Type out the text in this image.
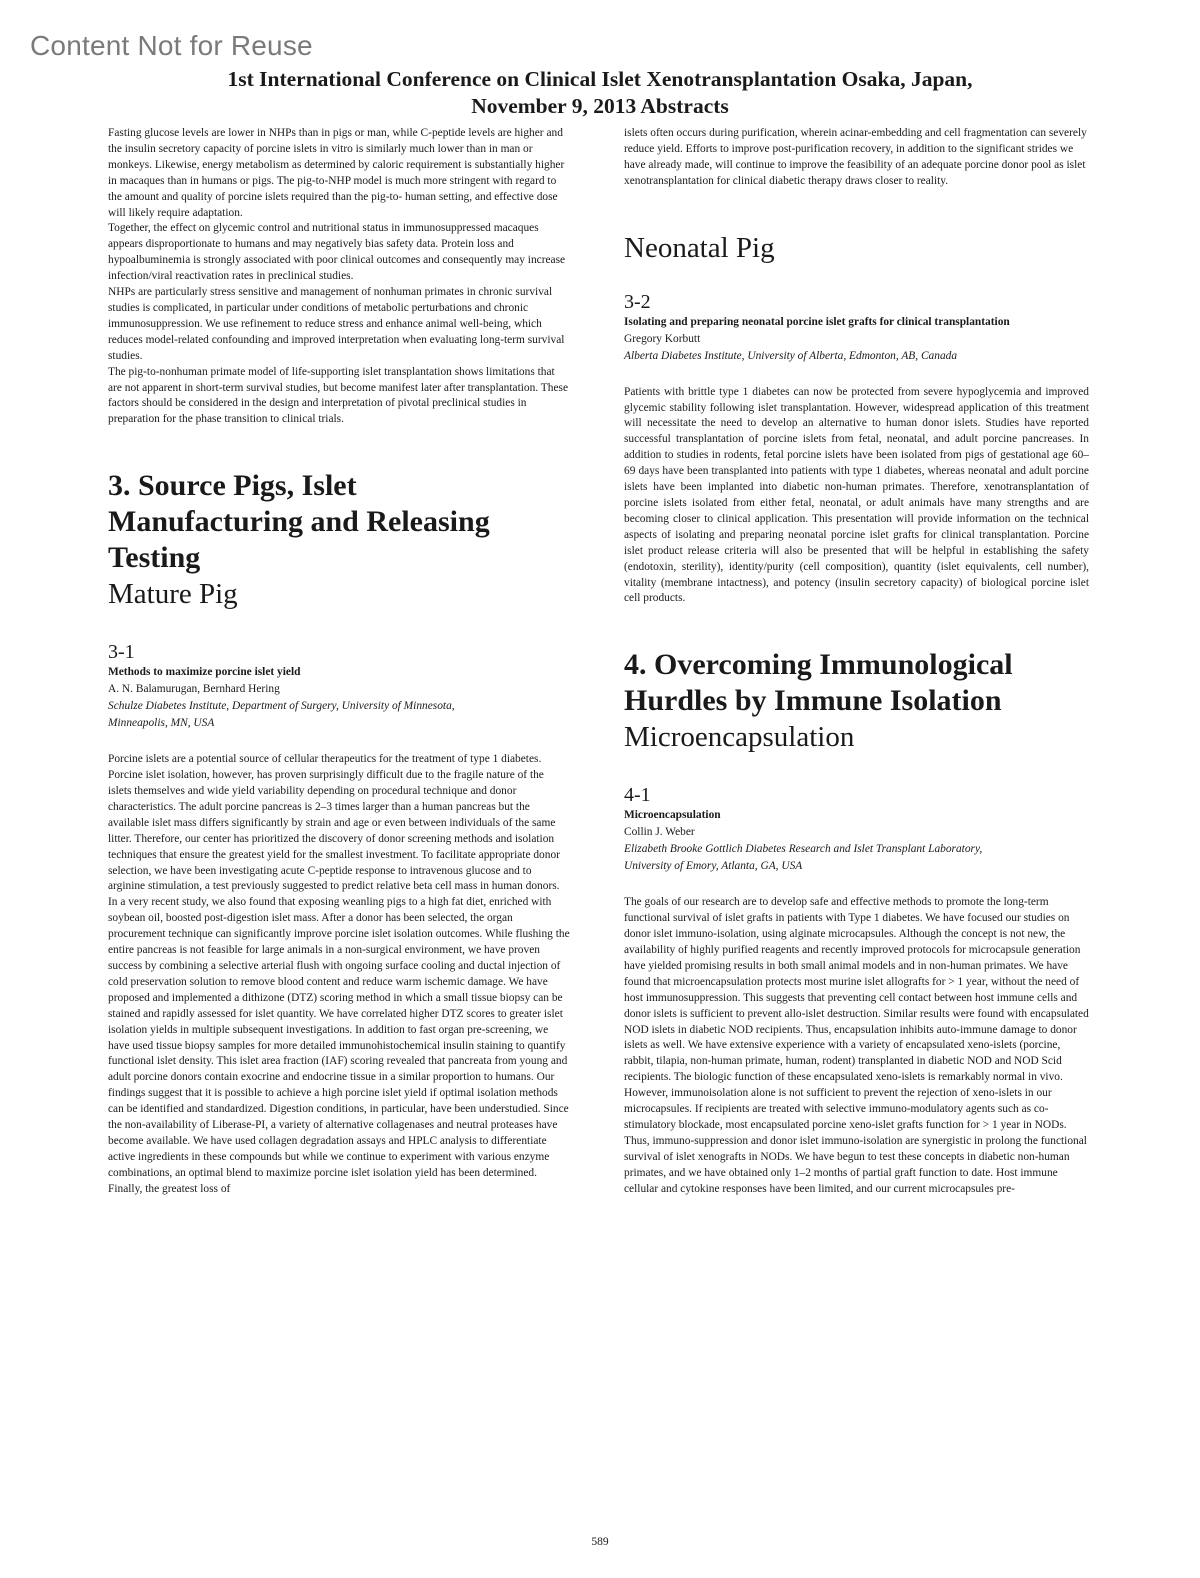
Content Not for Reuse
1st International Conference on Clinical Islet Xenotransplantation Osaka, Japan,
November 9, 2013 Abstracts

Fasting glucose levels are lower in NHPs than in pigs or man, while C-peptide levels are higher and the insulin secretory capacity of porcine islets in vitro is similarly much lower than in man or monkeys. Likewise, energy metabolism as determined by caloric requirement is substantially higher in macaques than in humans or pigs. The pig-to-NHP model is much more stringent with regard to the amount and quality of porcine islets required than the pig-to- human setting, and effective dose will likely require adaptation.

Together, the effect on glycemic control and nutritional status in immunosuppressed macaques appears disproportionate to humans and may negatively bias safety data. Protein loss and hypoalbuminemia is strongly associated with poor clinical outcomes and consequently may increase infection/viral reactivation rates in preclinical studies.

NHPs are particularly stress sensitive and management of nonhuman primates in chronic survival studies is complicated, in particular under conditions of metabolic perturbations and chronic immunosuppression. We use refinement to reduce stress and enhance animal well-being, which reduces model-related confounding and improved interpretation when evaluating long-term survival studies.

The pig-to-nonhuman primate model of life-supporting islet transplantation shows limitations that are not apparent in short-term survival studies, but become manifest later after transplantation. These factors should be considered in the design and interpretation of pivotal preclinical studies in preparation for the phase transition to clinical trials.

3. Source Pigs, Islet
Manufacturing and Releasing
Testing
Mature Pig

3-1

Methods to maximize porcine islet yield

A. N. Balamurugan, Bernhard Hering

Schulze Diabetes Institute, Department of Surgery, University of Minnesota,

Minneapolis, MN, USA

Porcine islets are a potential source of cellular therapeutics for the treatment of type 1 diabetes. Porcine islet isolation, however, has proven surprisingly difficult due to the fragile nature of the islets themselves and wide yield variability depending on procedural technique and donor characteristics. The adult porcine pancreas is 2–3 times larger than a human pancreas but the available islet mass differs significantly by strain and age or even between individuals of the same litter. Therefore, our center has prioritized the discovery of donor screening methods and isolation techniques that ensure the greatest yield for the smallest investment. To facilitate appropriate donor selection, we have been investigating acute C-peptide response to intravenous glucose and to arginine stimulation, a test previously suggested to predict relative beta cell mass in human donors. In a very recent study, we also found that exposing weanling pigs to a high fat diet, enriched with soybean oil, boosted post-digestion islet mass. After a donor has been selected, the organ procurement technique can significantly improve porcine islet isolation outcomes. While flushing the entire pancreas is not feasible for large animals in a non-surgical environment, we have proven success by combining a selective arterial flush with ongoing surface cooling and ductal injection of cold preservation solution to remove blood content and reduce warm ischemic damage. We have proposed and implemented a dithizone (DTZ) scoring method in which a small tissue biopsy can be stained and rapidly assessed for islet quantity. We have correlated higher DTZ scores to greater islet isolation yields in multiple subsequent investigations. In addition to fast organ pre-screening, we have used tissue biopsy samples for more detailed immunohistochemical insulin staining to quantify functional islet density. This islet area fraction (IAF) scoring revealed that pancreata from young and adult porcine donors contain exocrine and endocrine tissue in a similar proportion to humans. Our findings suggest that it is possible to achieve a high porcine islet yield if optimal isolation methods can be identified and standardized. Digestion conditions, in particular, have been understudied. Since the non-availability of Liberase-PI, a variety of alternative collagenases and neutral proteases have become available. We have used collagen degradation assays and HPLC analysis to differentiate active ingredients in these compounds but while we continue to experiment with various enzyme combinations, an optimal blend to maximize porcine islet isolation yield has been determined. Finally, the greatest loss of

islets often occurs during purification, wherein acinar-embedding and cell fragmentation can severely reduce yield. Efforts to improve post-purification recovery, in addition to the significant strides we have already made, will continue to improve the feasibility of an adequate porcine donor pool as islet xenotransplantation for clinical diabetic therapy draws closer to reality.

Neonatal Pig

3-2

Isolating and preparing neonatal porcine islet grafts for clinical transplantation

Gregory Korbutt

Alberta Diabetes Institute, University of Alberta, Edmonton, AB, Canada

Patients with brittle type 1 diabetes can now be protected from severe hypoglycemia and improved glycemic stability following islet transplantation. However, widespread application of this treatment will necessitate the need to develop an alternative to human donor islets. Studies have reported successful transplantation of porcine islets from fetal, neonatal, and adult porcine pancreases. In addition to studies in rodents, fetal porcine islets have been isolated from pigs of gestational age 60–69 days have been transplanted into patients with type 1 diabetes, whereas neonatal and adult porcine islets have been implanted into diabetic non-human primates. Therefore, xenotransplantation of porcine islets isolated from either fetal, neonatal, or adult animals have many strengths and are becoming closer to clinical application. This presentation will provide information on the technical aspects of isolating and preparing neonatal porcine islet grafts for clinical transplantation. Porcine islet product release criteria will also be presented that will be helpful in establishing the safety (endotoxin, sterility), identity/purity (cell composition), quantity (islet equivalents, cell number), vitality (membrane intactness), and potency (insulin secretory capacity) of biological porcine islet cell products.

4. Overcoming Immunological
Hurdles by Immune Isolation
Microencapsulation

4-1

Microencapsulation

Collin J. Weber

Elizabeth Brooke Gottlich Diabetes Research and Islet Transplant Laboratory,

University of Emory, Atlanta, GA, USA

The goals of our research are to develop safe and effective methods to promote the long-term functional survival of islet grafts in patients with Type 1 diabetes. We have focused our studies on donor islet immuno-isolation, using alginate microcapsules. Although the concept is not new, the availability of highly purified reagents and recently improved protocols for microcapsule generation have yielded promising results in both small animal models and in non-human primates. We have found that microencapsulation protects most murine islet allografts for > 1 year, without the need of host immunosuppression. This suggests that preventing cell contact between host immune cells and donor islets is sufficient to prevent allo-islet destruction. Similar results were found with encapsulated NOD islets in diabetic NOD recipients. Thus, encapsulation inhibits auto-immune damage to donor islets as well. We have extensive experience with a variety of encapsulated xeno-islets (porcine, rabbit, tilapia, non-human primate, human, rodent) transplanted in diabetic NOD and NOD Scid recipients. The biologic function of these encapsulated xeno-islets is remarkably normal in vivo. However, immunoisolation alone is not sufficient to prevent the rejection of xeno-islets in our microcapsules. If recipients are treated with selective immuno-modulatory agents such as co-stimulatory blockade, most encapsulated porcine xeno-islet grafts function for > 1 year in NODs. Thus, immuno-suppression and donor islet immuno-isolation are synergistic in prolong the functional survival of islet xenografts in NODs. We have begun to test these concepts in diabetic non-human primates, and we have obtained only 1–2 months of partial graft function to date. Host immune cellular and cytokine responses have been limited, and our current microcapsules pre-

589
